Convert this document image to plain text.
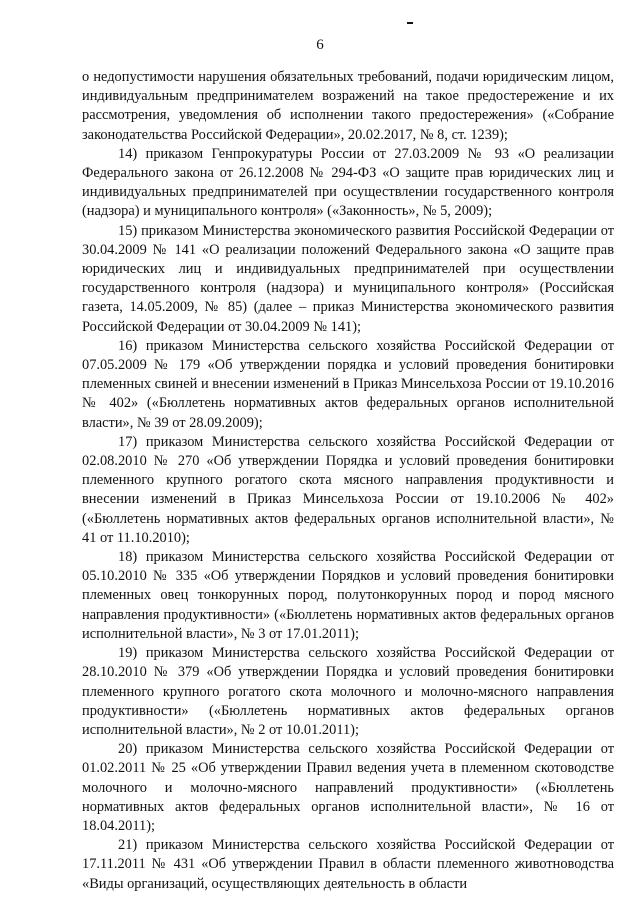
6

о недопустимости нарушения обязательных требований, подачи юридическим лицом, индивидуальным предпринимателем возражений на такое предостережение и их рассмотрения, уведомления об исполнении такого предостережения» («Собрание законодательства Российской Федерации», 20.02.2017, № 8, ст. 1239);

14) приказом Генпрокуратуры России от 27.03.2009 № 93 «О реализации Федерального закона от 26.12.2008 № 294-ФЗ «О защите прав юридических лиц и индивидуальных предпринимателей при осуществлении государственного контроля (надзора) и муниципального контроля» («Законность», № 5, 2009);

15) приказом Министерства экономического развития Российской Федерации от 30.04.2009 № 141 «О реализации положений Федерального закона «О защите прав юридических лиц и индивидуальных предпринимателей при осуществлении государственного контроля (надзора) и муниципального контроля» (Российская газета, 14.05.2009, № 85) (далее – приказ Министерства экономического развития Российской Федерации от 30.04.2009 № 141);

16) приказом Министерства сельского хозяйства Российской Федерации от 07.05.2009 № 179 «Об утверждении порядка и условий проведения бонитировки племенных свиней и внесении изменений в Приказ Минсельхоза России от 19.10.2016 № 402» («Бюллетень нормативных актов федеральных органов исполнительной власти», № 39 от 28.09.2009);

17) приказом Министерства сельского хозяйства Российской Федерации от 02.08.2010 № 270 «Об утверждении Порядка и условий проведения бонитировки племенного крупного рогатого скота мясного направления продуктивности и внесении изменений в Приказ Минсельхоза России от 19.10.2006 № 402» («Бюллетень нормативных актов федеральных органов исполнительной власти», № 41 от 11.10.2010);

18) приказом Министерства сельского хозяйства Российской Федерации от 05.10.2010 № 335 «Об утверждении Порядков и условий проведения бонитировки племенных овец тонкорунных пород, полутонкорунных пород и пород мясного направления продуктивности» («Бюллетень нормативных актов федеральных органов исполнительной власти», № 3 от 17.01.2011);

19) приказом Министерства сельского хозяйства Российской Федерации от 28.10.2010 № 379 «Об утверждении Порядка и условий проведения бонитировки племенного крупного рогатого скота молочного и молочно-мясного направления продуктивности» («Бюллетень нормативных актов федеральных органов исполнительной власти», № 2 от 10.01.2011);

20) приказом Министерства сельского хозяйства Российской Федерации от 01.02.2011 № 25 «Об утверждении Правил ведения учета в племенном скотоводстве молочного и молочно-мясного направлений продуктивности» («Бюллетень нормативных актов федеральных органов исполнительной власти», № 16 от 18.04.2011);

21) приказом Министерства сельского хозяйства Российской Федерации от 17.11.2011 № 431 «Об утверждении Правил в области племенного животноводства «Виды организаций, осуществляющих деятельность в области
